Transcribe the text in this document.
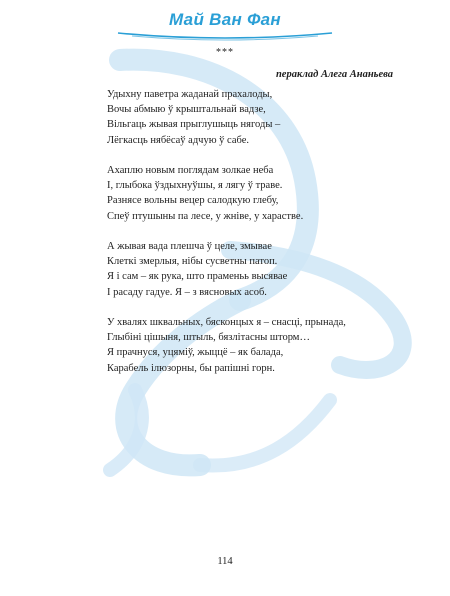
Май Ван Фан
***
пераклад Алега Ананьева
Удыхну паветра жаданай прахалоды,
Вочы абмыю ў крыштальнай вадзе,
Вільгаць жывая прыглушыць нягоды –
Лёгкасць нябёсаў адчую ў сабе.
Ахаплю новым поглядам золкае неба
І, глыбока ўздыхнуўшы, я лягу ў траве.
Разнясе вольны вецер салодкую глебу,
Спеў птушыны па лесе, у жніве, у хараствe.
А жывая вада плешча ў целе, змывае
Клеткі змерлыя, нібы сусветны патоп.
Я і сам – як рука, што праменьь высявае
І расаду гадуе. Я – з вясновых асоб.
У хвалях шквальных, бясконцых я – снасці, прынада,
Глыбіні цішыня, штыль, бязлітасны шторм…
Я прачнуся, уцяміў, жыццё – як балада,
Карабель ілюзорны, бы рапішні горн.
114
